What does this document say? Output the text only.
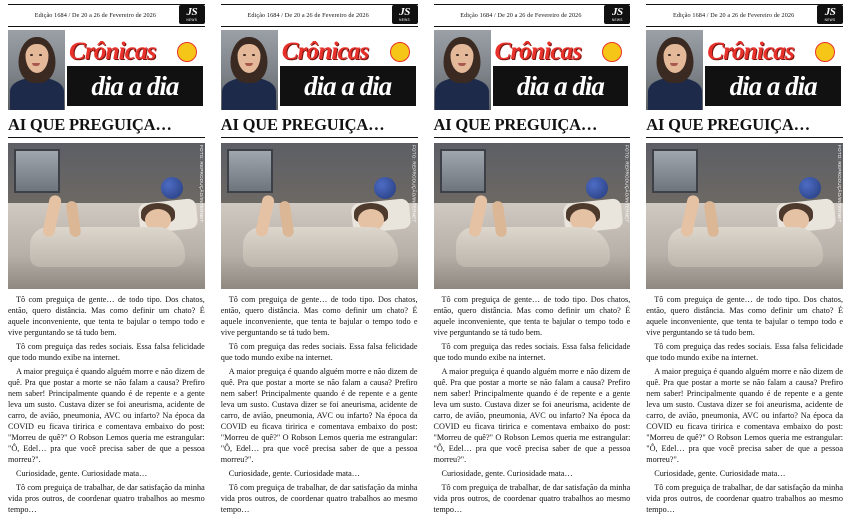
Edição 1684 / De 20 a 26 de Fevereiro de 2026	JS
NEWS
Crônicas
dia a dia
AI QUE PREGUIÇA…
FOTO: REPRODUÇÃO/INTERNET

Tô com preguiça de gente… de todo tipo. Dos chatos, então, quero distância. Mas como definir um chato? É aquele inconveniente, que tenta te bajular o tempo todo e vive perguntando se tá tudo bem.

Tô com preguiça das redes sociais. Essa falsa felicidade que todo mundo exibe na internet.

A maior preguiça é quando alguém morre e não dizem de quê. Pra que postar a morte se não falam a causa? Prefiro nem saber! Principalmente quando é de repente e a gente leva um susto. Custava dizer se foi aneurisma, acidente de carro, de avião, pneumonia, AVC ou infarto? Na época da COVID eu ficava tiririca e comentava embaixo do post: "Morreu de quê?" O Robson Lemos queria me estrangular: "Ô, Edel… pra que você precisa saber de que a pessoa morreu?".

Curiosidade, gente. Curiosidade mata…

Tô com preguiça de trabalhar, de dar satisfação da minha vida pros outros, de coordenar quatro trabalhos ao mesmo tempo…

Edição 1684 / De 20 a 26 de Fevereiro de 2026	JS
NEWS
Crônicas
dia a dia
AI QUE PREGUIÇA…
FOTO: REPRODUÇÃO/INTERNET

Tô com preguiça de gente… de todo tipo. Dos chatos, então, quero distância. Mas como definir um chato? É aquele inconveniente, que tenta te bajular o tempo todo e vive perguntando se tá tudo bem.

Tô com preguiça das redes sociais. Essa falsa felicidade que todo mundo exibe na internet.

A maior preguiça é quando alguém morre e não dizem de quê. Pra que postar a morte se não falam a causa? Prefiro nem saber! Principalmente quando é de repente e a gente leva um susto. Custava dizer se foi aneurisma, acidente de carro, de avião, pneumonia, AVC ou infarto? Na época da COVID eu ficava tiririca e comentava embaixo do post: "Morreu de quê?" O Robson Lemos queria me estrangular: "Ô, Edel… pra que você precisa saber de que a pessoa morreu?".

Curiosidade, gente. Curiosidade mata…

Tô com preguiça de trabalhar, de dar satisfação da minha vida pros outros, de coordenar quatro trabalhos ao mesmo tempo…

Edição 1684 / De 20 a 26 de Fevereiro de 2026	JS
NEWS
Crônicas
dia a dia
AI QUE PREGUIÇA…
FOTO: REPRODUÇÃO/INTERNET

Tô com preguiça de gente… de todo tipo. Dos chatos, então, quero distância. Mas como definir um chato? É aquele inconveniente, que tenta te bajular o tempo todo e vive perguntando se tá tudo bem.

Tô com preguiça das redes sociais. Essa falsa felicidade que todo mundo exibe na internet.

A maior preguiça é quando alguém morre e não dizem de quê. Pra que postar a morte se não falam a causa? Prefiro nem saber! Principalmente quando é de repente e a gente leva um susto. Custava dizer se foi aneurisma, acidente de carro, de avião, pneumonia, AVC ou infarto? Na época da COVID eu ficava tiririca e comentava embaixo do post: "Morreu de quê?" O Robson Lemos queria me estrangular: "Ô, Edel… pra que você precisa saber de que a pessoa morreu?".

Curiosidade, gente. Curiosidade mata…

Tô com preguiça de trabalhar, de dar satisfação da minha vida pros outros, de coordenar quatro trabalhos ao mesmo tempo…

Edição 1684 / De 20 a 26 de Fevereiro de 2026	JS
NEWS
Crônicas
dia a dia
AI QUE PREGUIÇA…
FOTO: REPRODUÇÃO/INTERNET

Tô com preguiça de gente… de todo tipo. Dos chatos, então, quero distância. Mas como definir um chato? É aquele inconveniente, que tenta te bajular o tempo todo e vive perguntando se tá tudo bem.

Tô com preguiça das redes sociais. Essa falsa felicidade que todo mundo exibe na internet.

A maior preguiça é quando alguém morre e não dizem de quê. Pra que postar a morte se não falam a causa? Prefiro nem saber! Principalmente quando é de repente e a gente leva um susto. Custava dizer se foi aneurisma, acidente de carro, de avião, pneumonia, AVC ou infarto? Na época da COVID eu ficava tiririca e comentava embaixo do post: "Morreu de quê?" O Robson Lemos queria me estrangular: "Ô, Edel… pra que você precisa saber de que a pessoa morreu?".

Curiosidade, gente. Curiosidade mata…

Tô com preguiça de trabalhar, de dar satisfação da minha vida pros outros, de coordenar quatro trabalhos ao mesmo tempo…
